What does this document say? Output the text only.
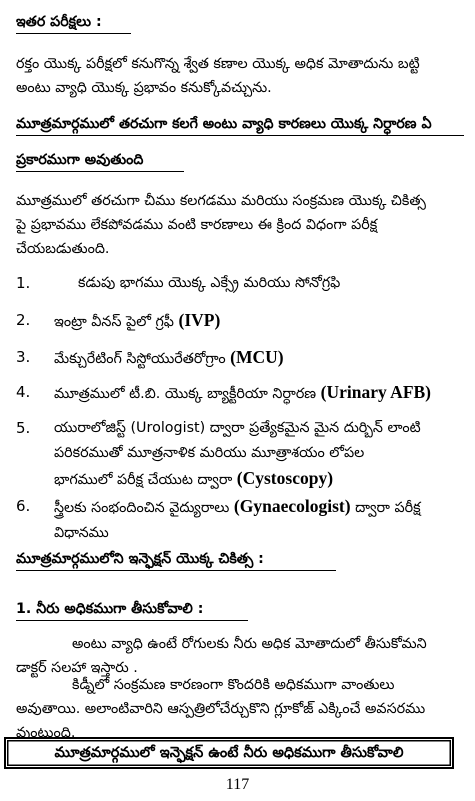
ఇతర పరీక్షలు :
రక్తం యొక్క పరీక్షలో కనుగొన్న శ్వేత కణాల యొక్క అధిక మోతాదును బట్టి
అంటు వ్యాధి యొక్క ప్రభావం కనుక్కోవచ్చును.
మూత్రమార్గములో తరచుగా కలగే అంటు వ్యాధి కారణలు యొక్క నిర్ధారణ ఏ
ప్రకారముగా అవుతుంది
మూత్రములో తరచుగా చీము కలగడము మరియు సంక్రమణ యొక్క చికిత్స
పై ప్రభావము లేకపోవడము వంటి కారణాలు ఈ క్రింద విధంగా పరీక్ష
చేయబడుతుంది.
1.	కడుపు భాగము యొక్క ఎక్స్రే మరియు సోనోగ్రఫి
2. ఇంట్రా వీనస్ పైలో గ్రఫీ (IVP)
3. మేక్చురేటింగ్ సిస్టోయురేతరోగ్రాం (MCU)
4. మూత్రములో టీ.బి. యొక్క బ్యాక్టీరియా నిర్ధారణ (Urinary AFB)
5. యురాలోజిస్ట్ (Urologist) ద్వారా ప్రత్యేకమైన మైన దుర్బిన్ లాంటి
పరికరముతో మూత్రనాళిక మరియు మూత్రాశయం లోపల
భాగములో పరీక్ష చేయుట ద్వారా (Cystoscopy)
6. స్త్రీలకు సంభందించిన వైద్యురాలు (Gynaecologist) ద్వారా పరీక్ష
విధానము
మూత్రమార్గములోని ఇన్ఫెక్షన్ యొక్క చికిత్స :
1. నీరు అధికముగా తీసుకోవాలి :
అంటు వ్యాధి ఉంటే రోగులకు నీరు అధిక మోతాదులో తీసుకోమని
డాక్టర్ సలహా ఇస్తారు .
కిడ్నీలో సంక్రమణ కారణంగా కొందరికి అధికముగా వాంతులు
అవుతాయి. అలాంటివారిని ఆస్పత్రిలోచేర్చుకొని గ్లూకోజ్ ఎక్కించే అవసరము
వుంటుంది.
మూత్రమార్గములో ఇన్ఫెక్షన్ ఉంటే నీరు అధికముగా తీసుకోవాలి
117
